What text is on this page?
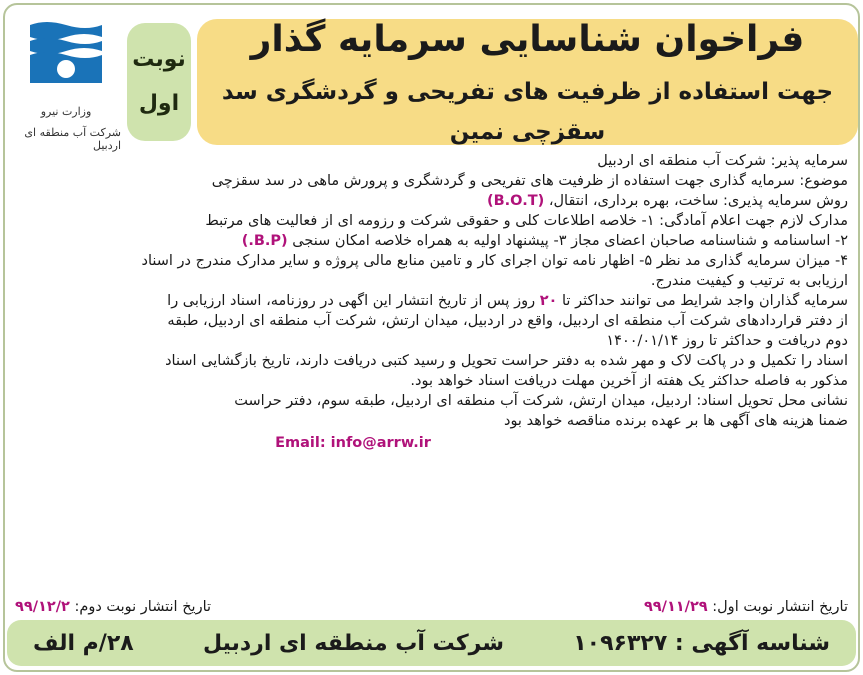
وزارت نیرو
شرکت آب منطقه ای اردبیل
نوبت
اول
فراخوان شناسایی سرمایه گذار
جهت استفاده از ظرفیت های تفریحی و گردشگری سد سقزچی نمین

سرمایه پذیر: شرکت آب منطقه ای اردبیل

موضوع: سرمایه گذاری جهت استفاده از ظرفیت های تفریحی و گردشگری و پرورش ماهی در سد سقزچی

روش سرمایه پذیری: ساخت، بهره برداری، انتقال، (B.O.T)

مدارک لازم جهت اعلام آمادگی: ۱- خلاصه اطلاعات کلی و حقوقی شرکت و رزومه ای از فعالیت های مرتبط

۲- اساسنامه و شناسنامه صاحبان اعضای مجاز ۳- پیشنهاد اولیه به همراه خلاصه امکان سنجی (B.P.)

۴- میزان سرمایه گذاری مد نظر ۵- اظهار نامه توان اجرای کار و تامین منابع مالی پروژه و سایر مدارک مندرج در اسناد

ارزیابی به ترتیب و کیفیت مندرج.

سرمایه گذاران واجد شرایط می توانند حداکثر تا ۲۰ روز پس از تاریخ انتشار این اگهی در روزنامه، اسناد ارزیابی را

از دفتر قراردادهای شرکت آب منطقه ای اردبیل، واقع در اردبیل، میدان ارتش، شرکت آب منطقه ای اردبیل، طبقه

دوم دریافت و حداکثر تا روز ۱۴۰۰/۰۱/۱۴

اسناد را تکمیل و در پاکت لاک و مهر شده به دفتر حراست تحویل و رسید کتبی دریافت دارند، تاریخ بازگشایی اسناد

مذکور به فاصله حداکثر یک هفته از آخرین مهلت دریافت اسناد خواهد بود.

نشانی محل تحویل اسناد: اردبیل، میدان ارتش، شرکت آب منطقه ای اردبیل، طبقه سوم، دفتر حراست

ضمنا هزینه های آگهی ها بر عهده برنده مناقصه خواهد بود

Email: info@arrw.ir

تاریخ انتشار نوبت اول: ۹۹/۱۱/۲۹
تاریخ انتشار نوبت دوم: ۹۹/۱۲/۲
شناسه آگهی : ۱۰۹۶۳۲۷
شرکت آب منطقه ای اردبیل
۲۸/م الف
